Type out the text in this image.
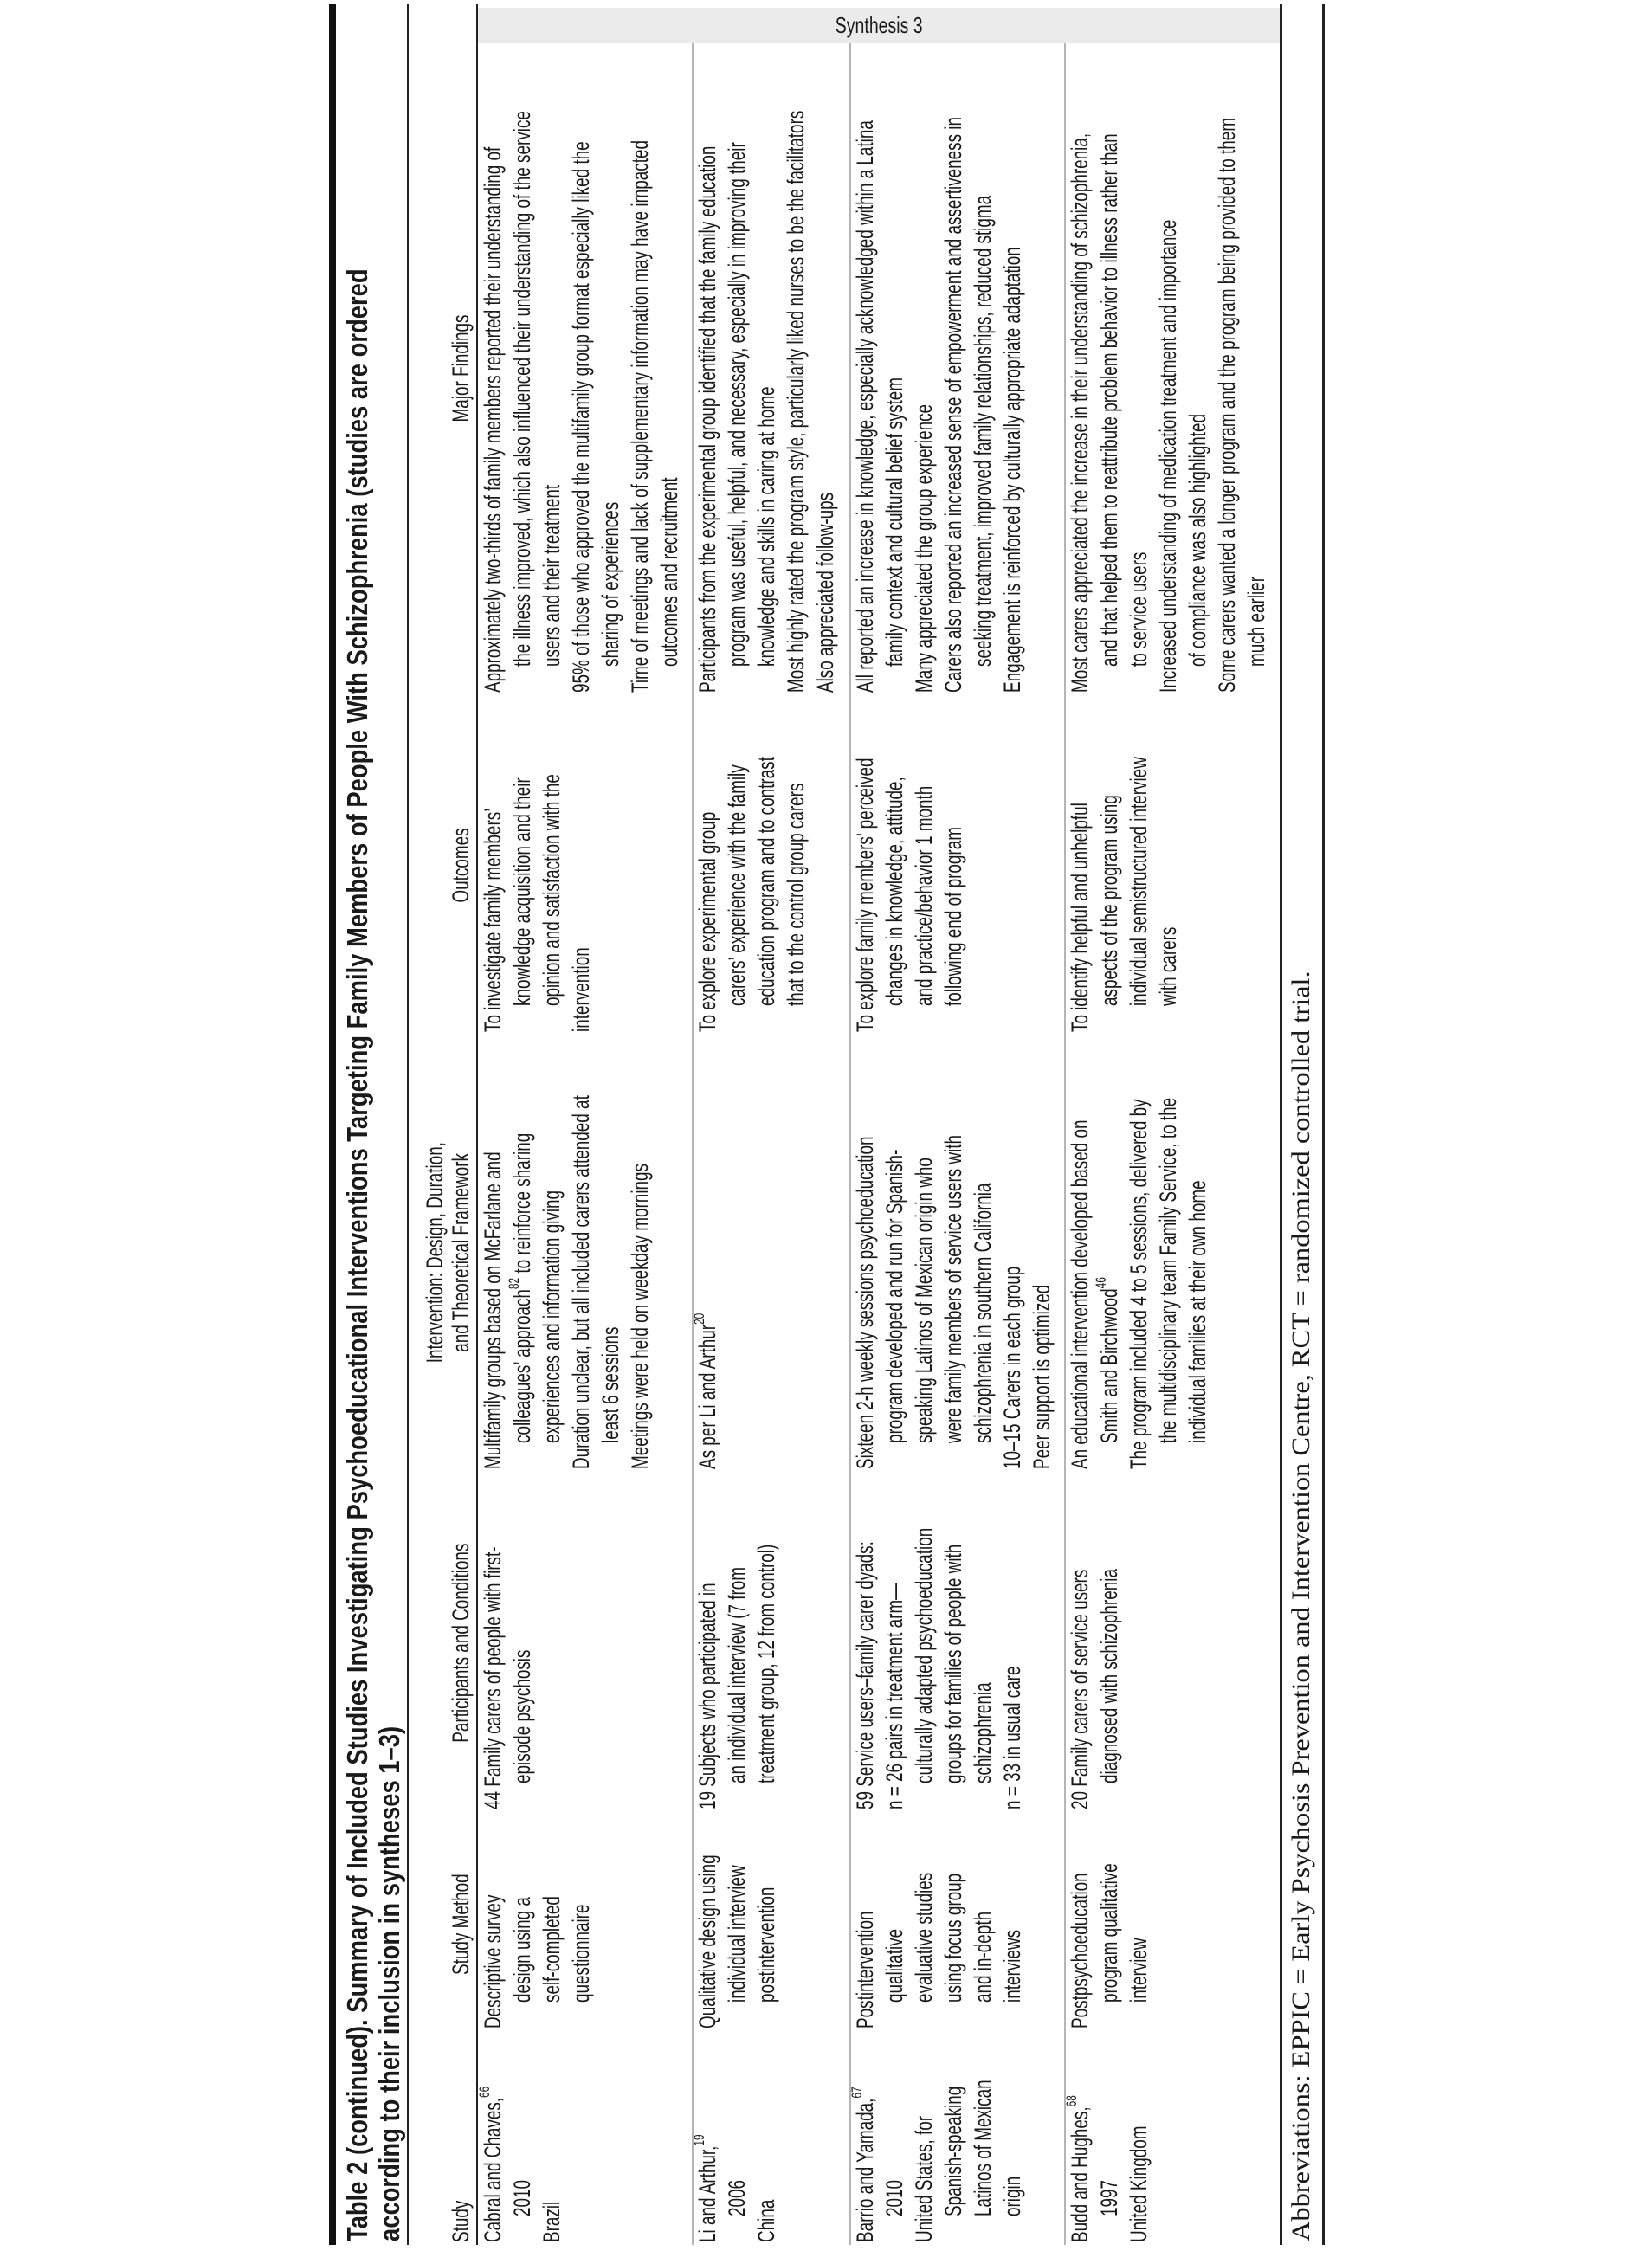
Synthesis 3
Table 2 (continued). Summary of Included Studies Investigating Psychoeducational Interventions Targeting Family Members of People With Schizophrenia (studies are ordered according to their inclusion in syntheses 1–3) Study
Study Method
Participants and Conditions
Intervention: Design, Duration, and Theoretical Framework
Outcomes
Major Findings
Cabral and Chaves,$^{66}$
2010
Brazil
Descriptive survey design using a self-completed questionnaire
44 Family carers of people with first- episode psychosis
Multifamily groups based on McFarlane and colleagues’ approach$^{82}$ to reinforce sharing experiences and information giving Duration unclear, but all included carers attended at least 6 sessions Meetings were held on weekday mornings
To investigate family members’ knowledge acquisition and their opinion and satisfaction with the intervention
Approximately two-thirds of family members reported their understanding of the illness improved, which also influenced their understanding of the service users and their treatment 95% of those who approved the multifamily group format especially liked the sharing of experiences Time of meetings and lack of supplementary information may have impacted outcomes and recruitment
Li and Arthur,$^{19}$
2006
China
Qualitative design using individual interview postintervention
19 Subjects who participated in an individual interview (7 from treatment group, 12 from control)
As per Li and Arthur$^{20}$
To explore experimental group carers’ experience with the family education program and to contrast that to the control group carers
Participants from the experimental group identified that the family education program was useful, helpful, and necessary, especially in improving their knowledge and skills in caring at home Most highly rated the program style, particularly liked nurses to be the facilitators Also appreciated follow-ups
Barrio and Yamada,$^{67}$
2010 United States, for Spanish-speaking Latinos of Mexican origin
Postintervention qualitative evaluative studies using focus group and in-depth interviews
59 Service users–family carer dyads: n = 26 pairs in treatment arm— culturally adapted psychoeducation groups for families of people with schizophrenia n = 33 in usual care
Sixteen 2-h weekly sessions psychoeducation program developed and run for Spanish- speaking Latinos of Mexican origin who were family members of service users with schizophrenia in southern California 10–15 Carers in each group Peer support is optimized
To explore family members’ perceived changes in knowledge, attitude, and practice/behavior 1 month following end of program
All reported an increase in knowledge, especially acknowledged within a Latina family context and cultural belief system Many appreciated the group experience Carers also reported an increased sense of empowerment and assertiveness in seeking treatment, improved family relationships, reduced stigma Engagement is reinforced by culturally appropriate adaptation
Budd and Hughes,$^{68}$
1997 United Kingdom
Postpsychoeducation program qualitative interview
20 Family carers of service users diagnosed with schizophrenia
An educational intervention developed based on Smith and Birchwood$^{46}$ The program included 4 to 5 sessions, delivered by the multidisciplinary team Family Service, to the individual families at their own home
To identify helpful and unhelpful aspects of the program using individual semistructured interview with carers
Most carers appreciated the increase in their understanding of schizophrenia, and that helped them to reattribute problem behavior to illness rather than to service users Increased understanding of medication treatment and importance of compliance was also highlighted Some carers wanted a longer program and the program being provided to them much earlier
Abbreviations: EPPIC = Early Psychosis Prevention and Intervention Centre, RCT = randomized controlled trial.
